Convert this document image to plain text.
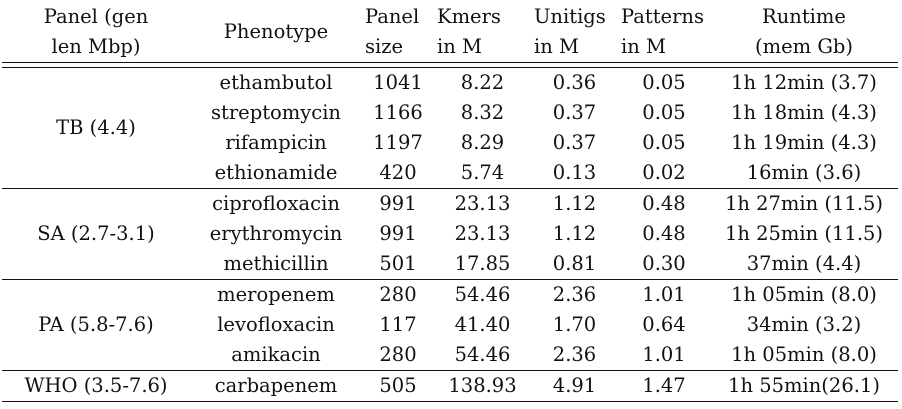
Panel (gen	Phenotype	Panel	Kmers	Unitigs	Patterns	Runtime
len Mbp)		size	in M	in M	in M	(mem Gb)

TB (4.4)	ethambutol	1041	8.22	0.36	0.05	1h 12min (3.7)
	streptomycin	1166	8.32	0.37	0.05	1h 18min (4.3)
	rifampicin	1197	8.29	0.37	0.05	1h 19min (4.3)
	ethionamide	420	5.74	0.13	0.02	16min (3.6)
SA (2.7-3.1)	ciprofloxacin	991	23.13	1.12	0.48	1h 27min (11.5)
	erythromycin	991	23.13	1.12	0.48	1h 25min (11.5)
	methicillin	501	17.85	0.81	0.30	37min (4.4)
PA (5.8-7.6)	meropenem	280	54.46	2.36	1.01	1h 05min (8.0)
	levofloxacin	117	41.40	1.70	0.64	34min (3.2)
	amikacin	280	54.46	2.36	1.01	1h 05min (8.0)
WHO (3.5-7.6)	carbapenem	505	138.93	4.91	1.47	1h 55min(26.1)
